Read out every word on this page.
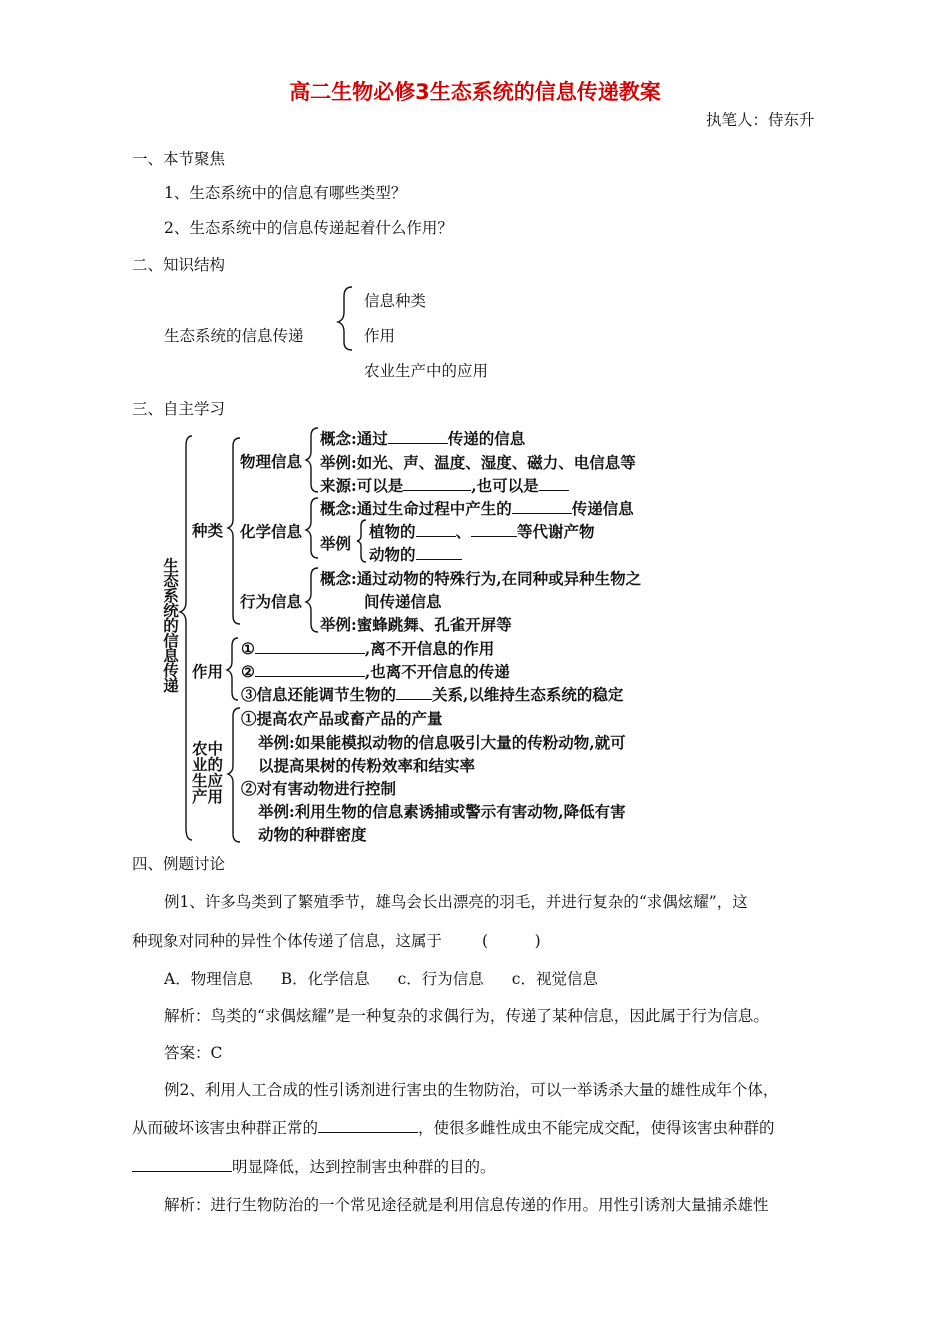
高二生物必修3生态系统的信息传递教案
执笔人：侍东升
一、本节聚焦
1、生态系统中的信息有哪些类型？
2、生态系统中的信息传递起着什么作用？
二、知识结构
生态系统的信息传递
信息种类
作用
农业生产中的应用
三、自主学习
生
态
系
统
的
信
息
传
递
种类
物理信息
概念:通过	传递的信息
举例:如光、声、温度、湿度、磁力、电信息等
来源:可以是	,也可以是
化学信息
概念:通过生命过程中产生的	传递信息
举例
植物的	、	等代谢产物
动物的
行为信息
概念:通过动物的特殊行为,在同种或异种生物之
间传递信息
举例:蜜蜂跳舞、孔雀开屏等
作用
①	,离不开信息的作用
②	,也离不开信息的传递
③信息还能调节生物的 关系,以维持生态系统的稳定
农中
业的
生应
产用
①提高农产品或畜产品的产量
举例:如果能模拟动物的信息吸引大量的传粉动物,就可
以提高果树的传粉效率和结实率
②对有害动物进行控制
举例:利用生物的信息素诱捕或警示有害动物,降低有害
动物的种群密度
四、例题讨论
例1、许多鸟类到了繁殖季节，雄鸟会长出漂亮的羽毛，并进行复杂的“求偶炫耀”，这
种现象对同种的异性个体传递了信息，这属于	(　　　)
A．物理信息 B．化学信息 c．行为信息 c．视觉信息
解析：鸟类的“求偶炫耀”是一种复杂的求偶行为，传递了某种信息，因此属于行为信息。
答案：C
例2、利用人工合成的性引诱剂进行害虫的生物防治，可以一举诱杀大量的雄性成年个体，
从而破坏该害虫种群正常的	，使很多雌性成虫不能完成交配，使得该害虫种群的
明显降低，达到控制害虫种群的目的。
解析：进行生物防治的一个常见途径就是利用信息传递的作用。用性引诱剂大量捕杀雄性
